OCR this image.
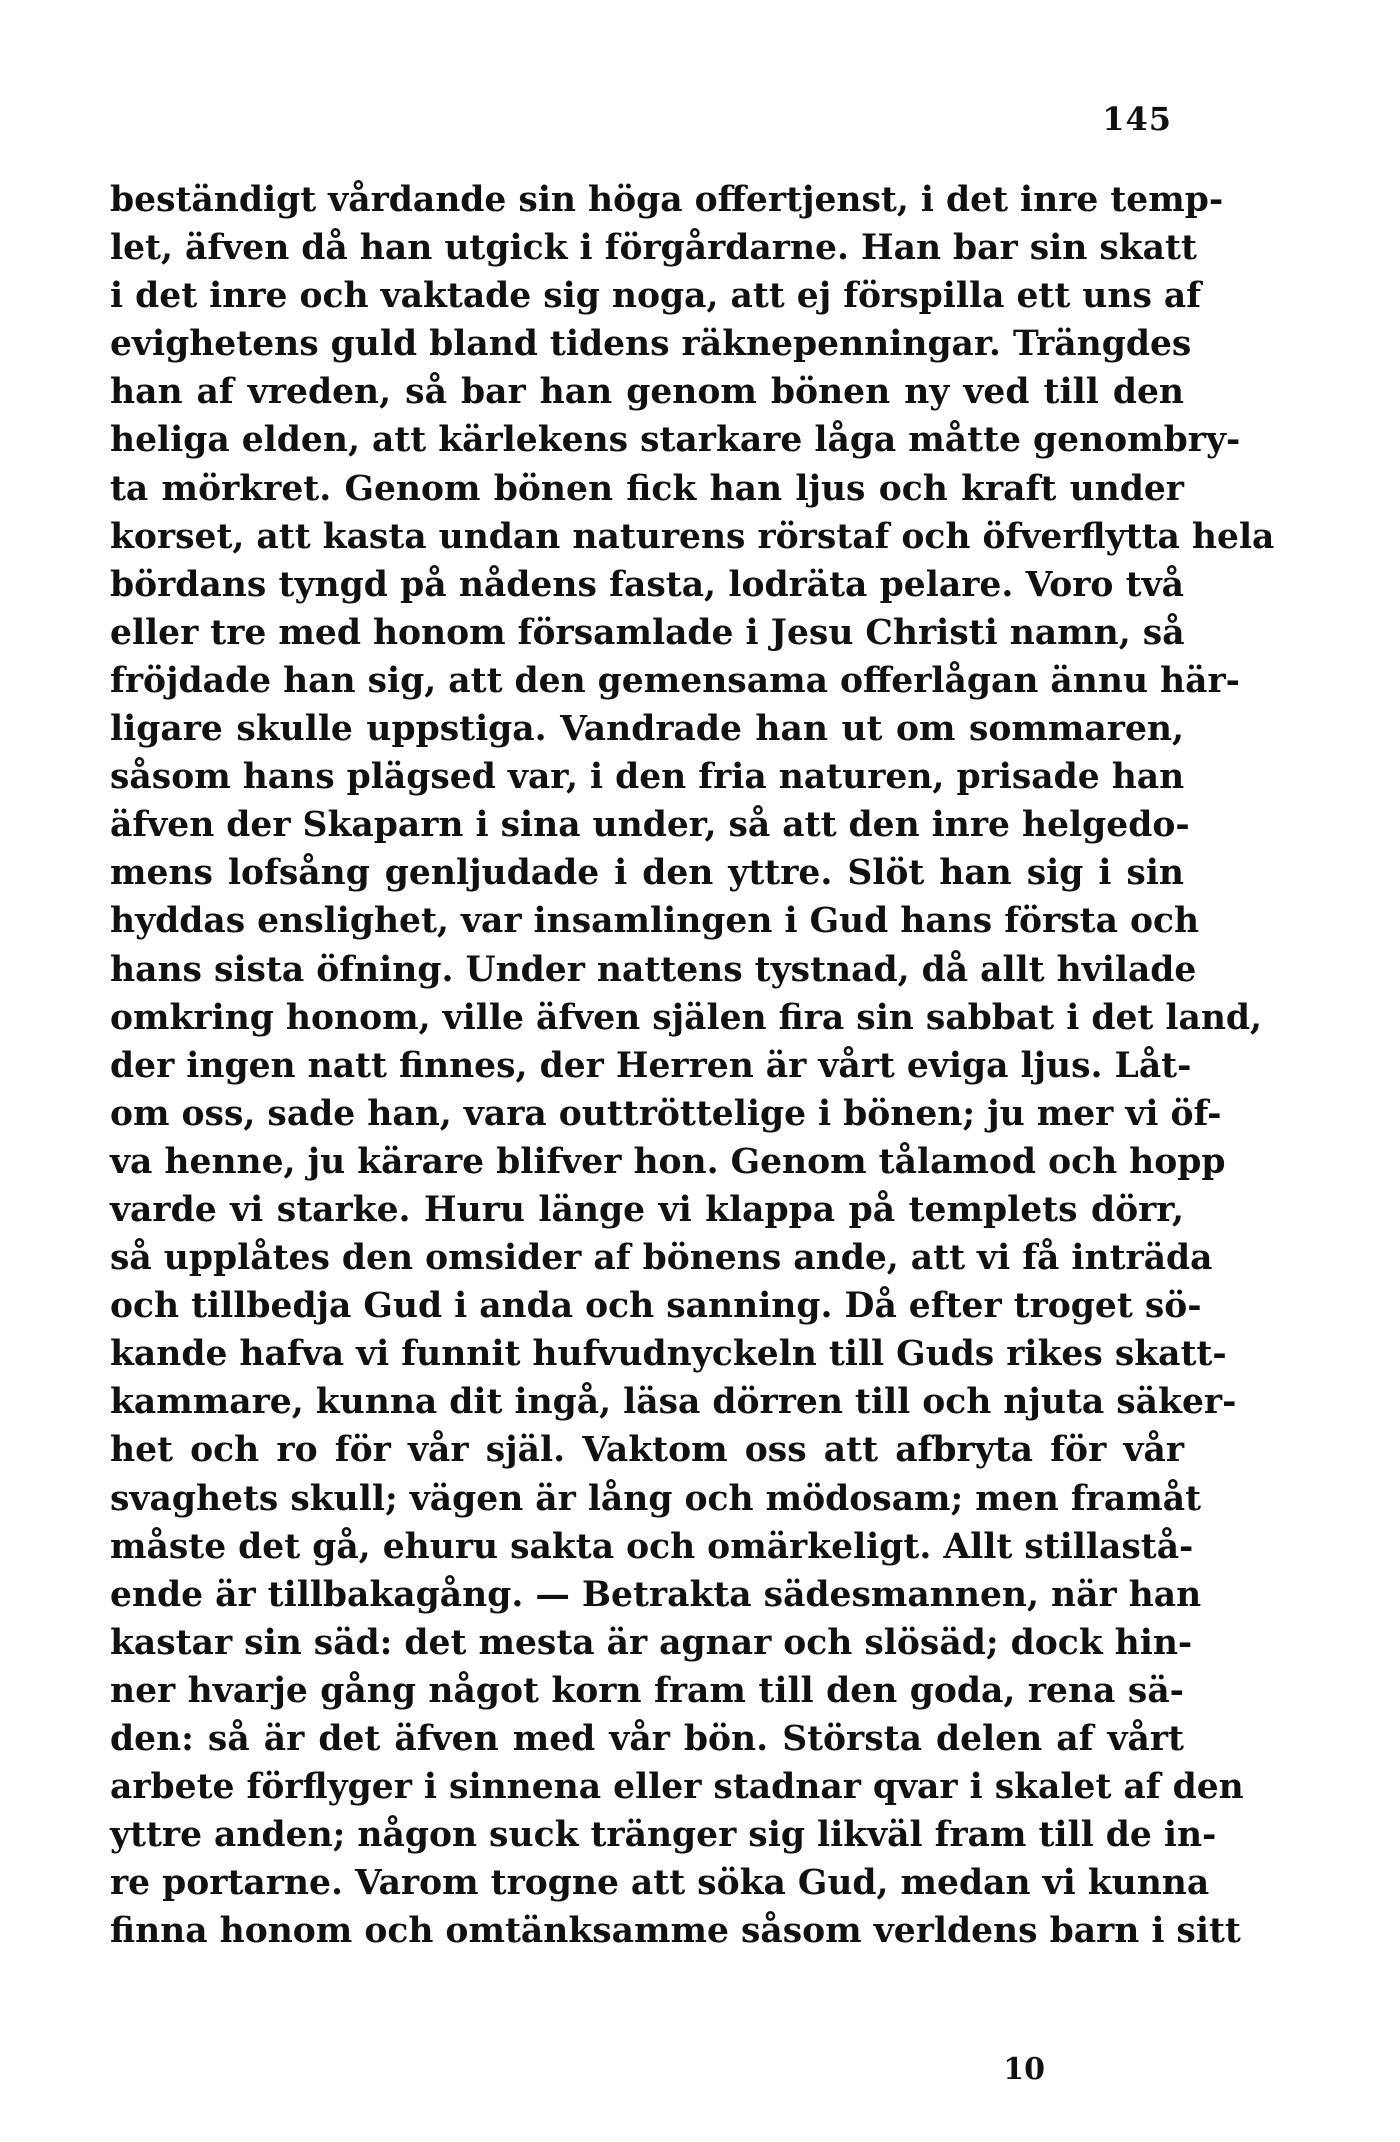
145
beständigt vårdande sin höga offertjenst, i det inre temp-
let, äfven då han utgick i förgårdarne. Han bar sin skatt
i det inre och vaktade sig noga, att ej förspilla ett uns af
evighetens guld bland tidens räknepenningar. Trängdes
han af vreden, så bar han genom bönen ny ved till den
heliga elden, att kärlekens starkare låga måtte genombry-
ta mörkret. Genom bönen fick han ljus och kraft under
korset, att kasta undan naturens rörstaf och öfverflytta hela
bördans tyngd på nådens fasta, lodräta pelare. Voro två
eller tre med honom församlade i Jesu Christi namn, så
fröjdade han sig, att den gemensama offerlågan ännu här-
ligare skulle uppstiga. Vandrade han ut om sommaren,
såsom hans plägsed var, i den fria naturen, prisade han
äfven der Skaparn i sina under, så att den inre helgedo-
mens lofsång genljudade i den yttre. Slöt han sig i sin
hyddas enslighet, var insamlingen i Gud hans första och
hans sista öfning. Under nattens tystnad, då allt hvilade
omkring honom, ville äfven själen fira sin sabbat i det land,
der ingen natt finnes, der Herren är vårt eviga ljus. Låt-
om oss, sade han, vara outtröttelige i bönen; ju mer vi öf-
va henne, ju kärare blifver hon. Genom tålamod och hopp
varde vi starke. Huru länge vi klappa på templets dörr,
så upplåtes den omsider af bönens ande, att vi få inträda
och tillbedja Gud i anda och sanning. Då efter troget sö-
kande hafva vi funnit hufvudnyckeln till Guds rikes skatt-
kammare, kunna dit ingå, läsa dörren till och njuta säker-
het och ro för vår själ. Vaktom oss att afbryta för vår
svaghets skull; vägen är lång och mödosam; men framåt
måste det gå, ehuru sakta och omärkeligt. Allt stillastå-
ende är tillbakagång. — Betrakta sädesmannen, när han
kastar sin säd: det mesta är agnar och slösäd; dock hin-
ner hvarje gång något korn fram till den goda, rena sä-
den: så är det äfven med vår bön. Största delen af vårt
arbete förflyger i sinnena eller stadnar qvar i skalet af den
yttre anden; någon suck tränger sig likväl fram till de in-
re portarne. Varom trogne att söka Gud, medan vi kunna
finna honom och omtänksamme såsom verldens barn i sitt
10
